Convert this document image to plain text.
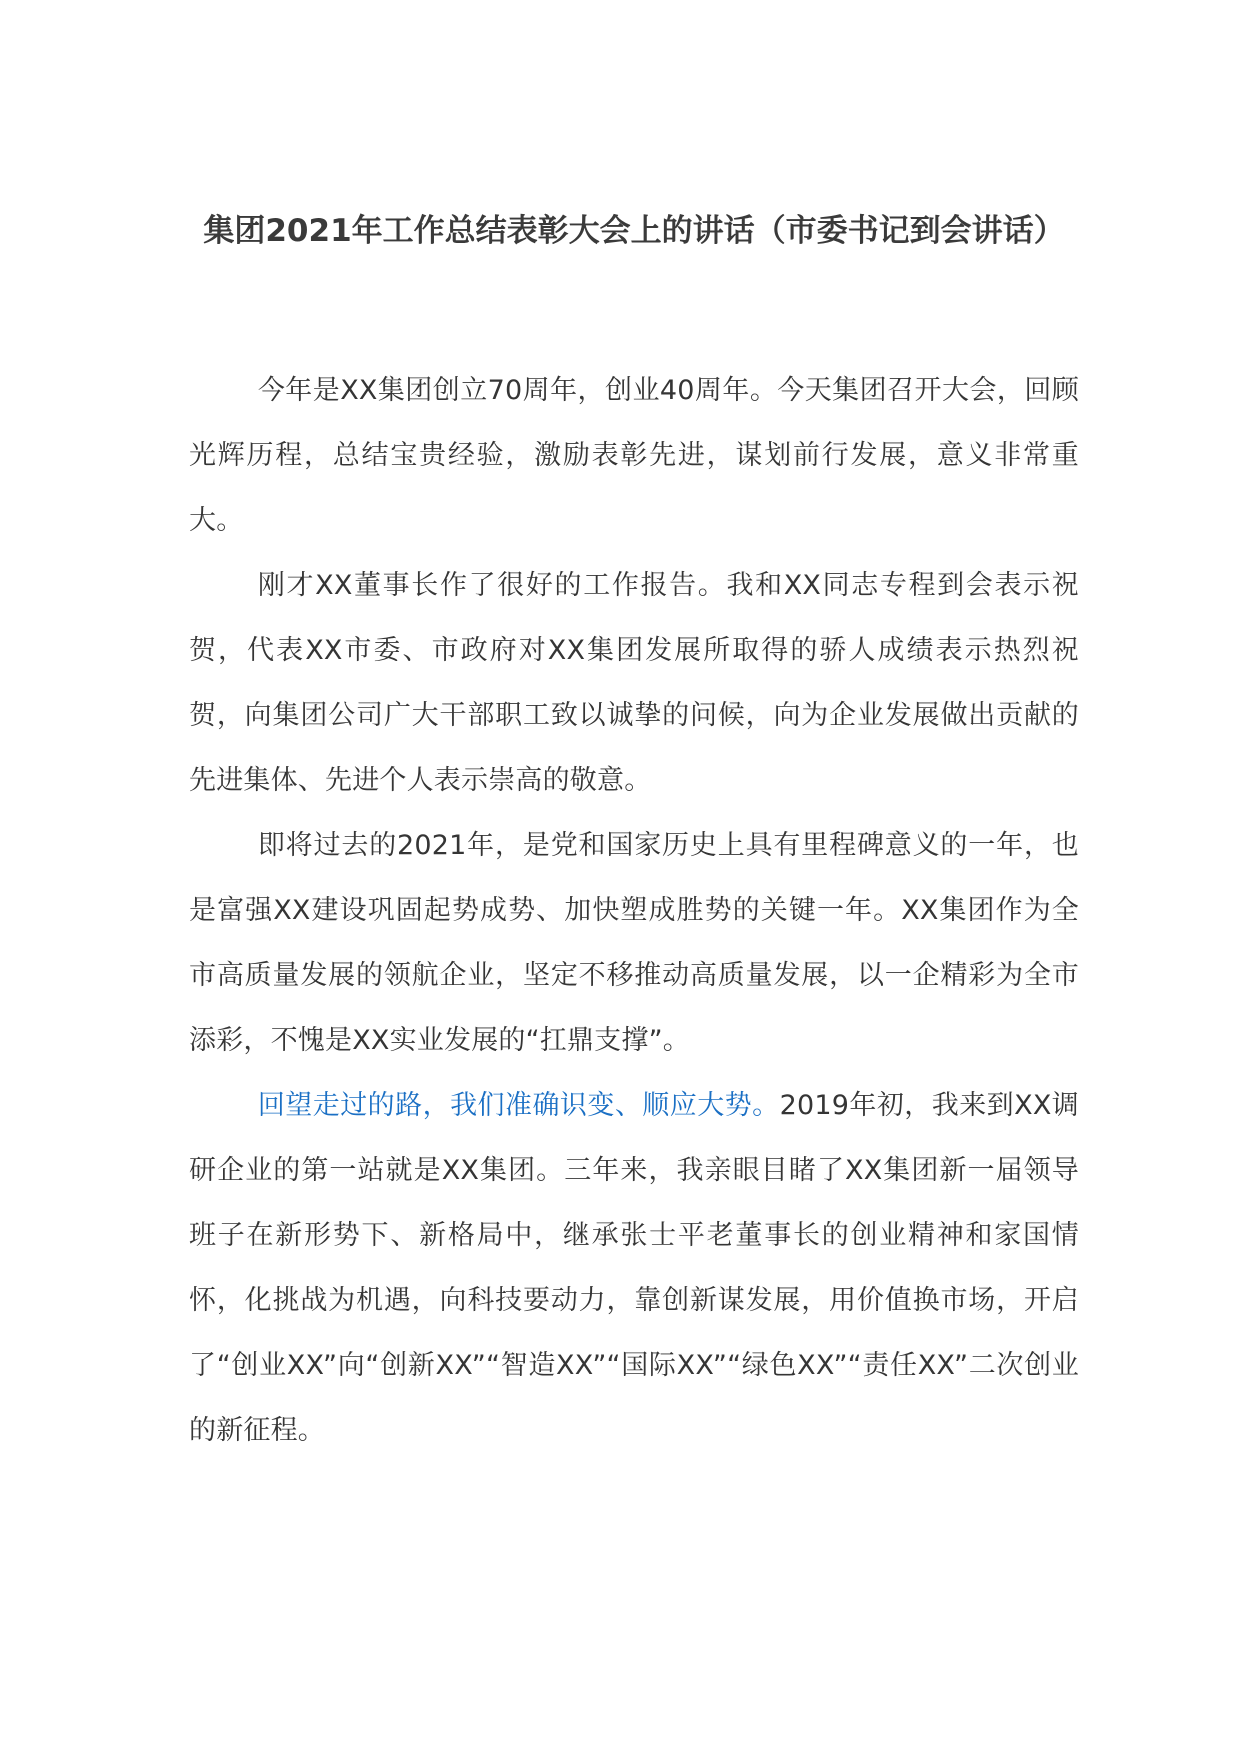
集团2021年工作总结表彰大会上的讲话（市委书记到会讲话）

今年是XX集团创立70周年，创业40周年。今天集团召开大会，回顾光辉历程，总结宝贵经验，激励表彰先进，谋划前行发展，意义非常重大。

刚才XX董事长作了很好的工作报告。我和XX同志专程到会表示祝贺，代表XX市委、市政府对XX集团发展所取得的骄人成绩表示热烈祝贺，向集团公司广大干部职工致以诚挚的问候，向为企业发展做出贡献的先进集体、先进个人表示崇高的敬意。

即将过去的2021年，是党和国家历史上具有里程碑意义的一年，也是富强XX建设巩固起势成势、加快塑成胜势的关键一年。XX集团作为全市高质量发展的领航企业，坚定不移推动高质量发展，以一企精彩为全市添彩，不愧是XX实业发展的“扛鼎支撑”。

回望走过的路，我们准确识变、顺应大势。2019年初，我来到XX调研企业的第一站就是XX集团。三年来，我亲眼目睹了XX集团新一届领导班子在新形势下、新格局中，继承张士平老董事长的创业精神和家国情怀，化挑战为机遇，向科技要动力，靠创新谋发展，用价值换市场，开启了“创业XX”向“创新XX”“智造XX”“国际XX”“绿色XX”“责任XX”二次创业的新征程。
